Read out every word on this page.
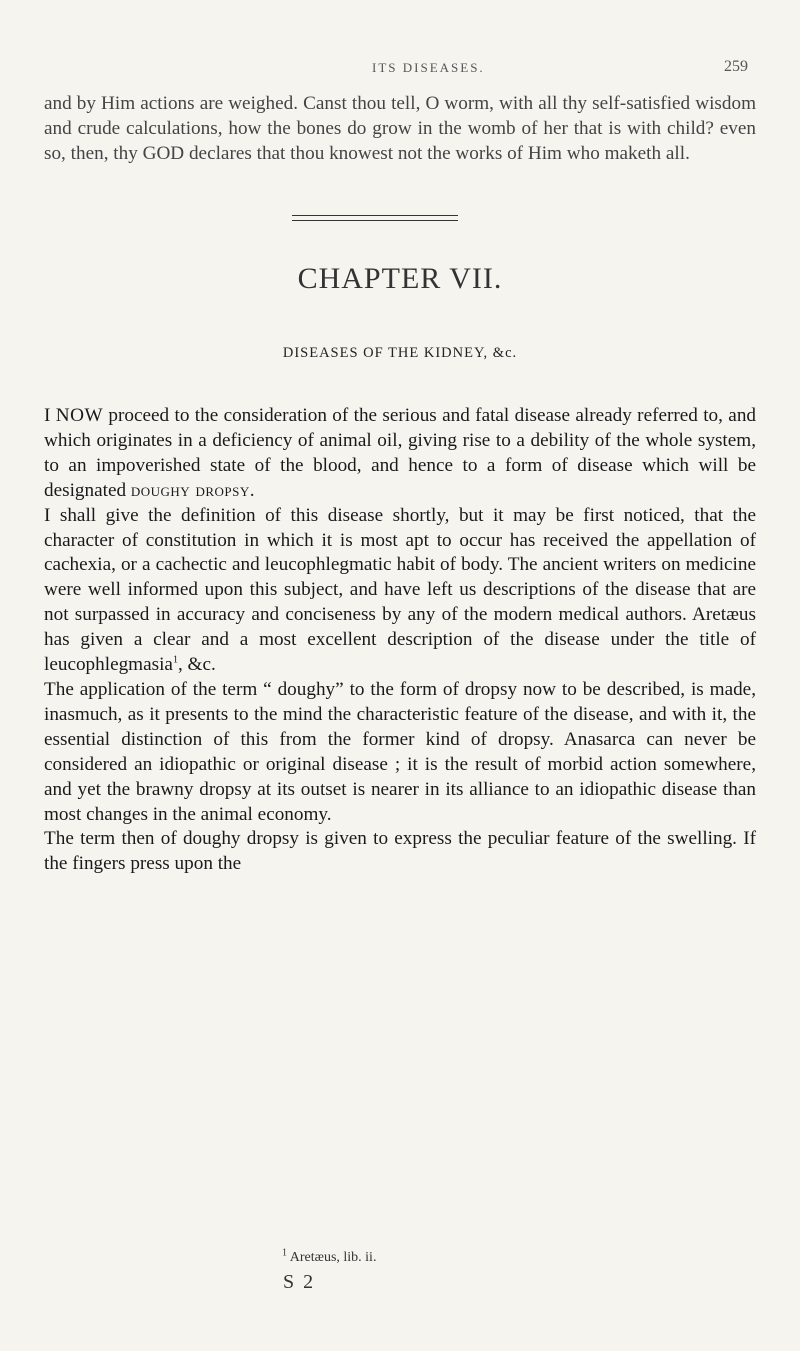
ITS DISEASES.	259

and by Him actions are weighed. Canst thou tell, O worm, with all thy self-satisfied wisdom and crude calculations, how the bones do grow in the womb of her that is with child? even so, then, thy GOD declares that thou knowest not the works of Him who maketh all.

CHAPTER VII.
DISEASES OF THE KIDNEY, &c.

I NOW proceed to the consideration of the serious and fatal disease already referred to, and which originates in a deficiency of animal oil, giving rise to a debility of the whole system, to an impoverished state of the blood, and hence to a form of disease which will be designated doughy dropsy.

I shall give the definition of this disease shortly, but it may be first noticed, that the character of constitution in which it is most apt to occur has received the appellation of cachexia, or a cachectic and leucophlegmatic habit of body. The ancient writers on medicine were well informed upon this subject, and have left us descriptions of the disease that are not surpassed in accuracy and conciseness by any of the modern medical authors. Aretæus has given a clear and a most excellent description of the disease under the title of leucophlegmasia$^1$, &c.

The application of the term “ doughy” to the form of dropsy now to be described, is made, inasmuch, as it presents to the mind the characteristic feature of the disease, and with it, the essential distinction of this from the former kind of dropsy. Anasarca can never be considered an idiopathic or original disease ; it is the result of morbid action somewhere, and yet the brawny dropsy at its outset is nearer in its alliance to an idiopathic disease than most changes in the animal economy.

The term then of doughy dropsy is given to express the peculiar feature of the swelling. If the fingers press upon the

$^1$ Aretæus, lib. ii.
S 2
